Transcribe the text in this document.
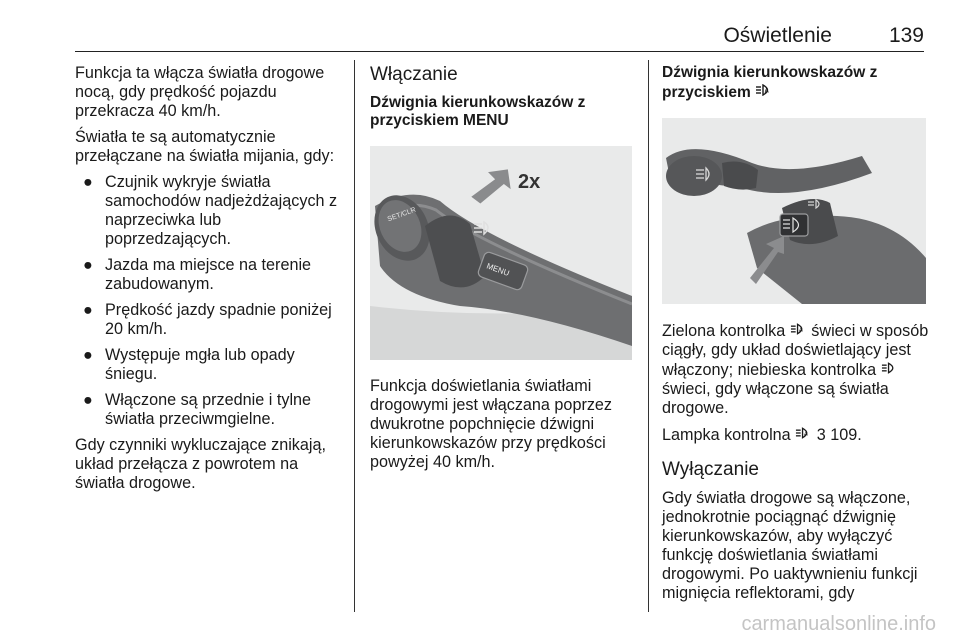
Oświetlenie	139

Funkcja ta włącza światła drogowe nocą, gdy prędkość pojazdu przekracza 40 km/h.

Światła te są automatycznie przełączane na światła mijania, gdy:

● Czujnik wykryje światła samochodów nadjeżdżających z naprzeciwka lub poprzedzających.
● Jazda ma miejsce na terenie zabudowanym.
● Prędkość jazdy spadnie poniżej 20 km/h.
● Występuje mgła lub opady śniegu.
● Włączone są przednie i tylne światła przeciwmgielne.

Gdy czynniki wykluczające znikają, układ przełącza z powrotem na światła drogowe.

Włączanie
Dźwignia kierunkowskazów z przyciskiem MENU
SET/CLR
MENU
2x

Funkcja doświetlania światłami drogowymi jest włączana poprzez dwukrotne popchnięcie dźwigni kierunkowskazów przy prędkości powyżej 40 km/h.

Dźwignia kierunkowskazów z przyciskiem A

Zielona kontrolka A świeci w sposób ciągły, gdy układ doświetlający jest włączony; niebieska kontrolka  świeci, gdy włączone są światła drogowe.

Lampka kontrolna A 3 109.

Wyłączanie

Gdy światła drogowe są włączone, jednokrotnie pociągnąć dźwignię kierunkowskazów, aby wyłączyć funkcję doświetlania światłami drogowymi. Po uaktywnieniu funkcji mignięcia reflektorami, gdy

carmanualsonline.info
